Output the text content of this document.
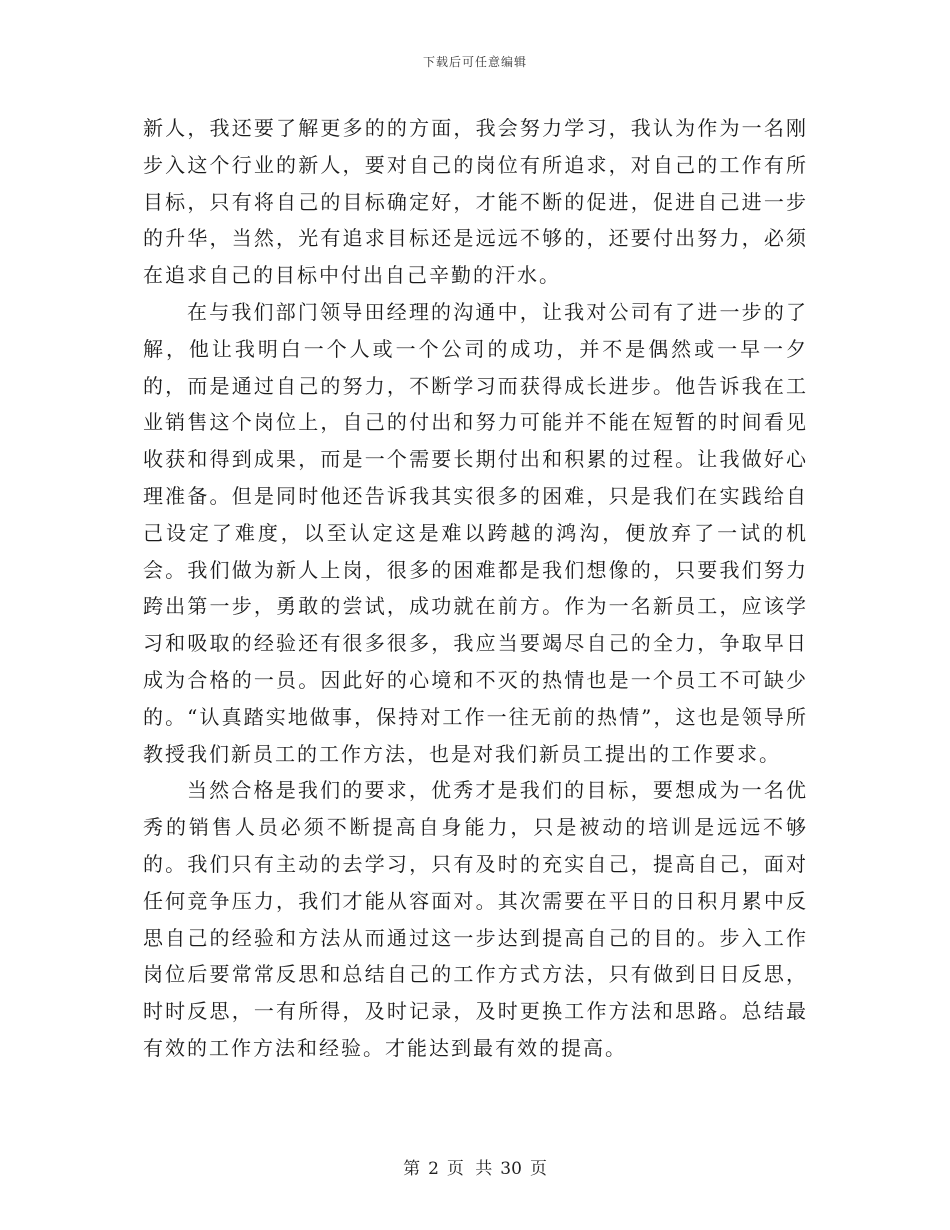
下载后可任意编辑

新人，我还要了解更多的的方面，我会努力学习，我认为作为一名刚步入这个行业的新人，要对自己的岗位有所追求，对自己的工作有所目标，只有将自己的目标确定好，才能不断的促进，促进自己进一步的升华，当然，光有追求目标还是远远不够的，还要付出努力，必须在追求自己的目标中付出自己辛勤的汗水。

在与我们部门领导田经理的沟通中，让我对公司有了进一步的了解，他让我明白一个人或一个公司的成功，并不是偶然或一早一夕的，而是通过自己的努力，不断学习而获得成长进步。他告诉我在工业销售这个岗位上，自己的付出和努力可能并不能在短暂的时间看见收获和得到成果，而是一个需要长期付出和积累的过程。让我做好心理准备。但是同时他还告诉我其实很多的困难，只是我们在实践给自己设定了难度，以至认定这是难以跨越的鸿沟，便放弃了一试的机会。我们做为新人上岗，很多的困难都是我们想像的，只要我们努力跨出第一步，勇敢的尝试，成功就在前方。作为一名新员工，应该学习和吸取的经验还有很多很多，我应当要竭尽自己的全力，争取早日成为合格的一员。因此好的心境和不灭的热情也是一个员工不可缺少的。“认真踏实地做事，保持对工作一往无前的热情”，这也是领导所教授我们新员工的工作方法，也是对我们新员工提出的工作要求。

当然合格是我们的要求，优秀才是我们的目标，要想成为一名优秀的销售人员必须不断提高自身能力，只是被动的培训是远远不够的。我们只有主动的去学习，只有及时的充实自己，提高自己，面对任何竞争压力，我们才能从容面对。其次需要在平日的日积月累中反思自己的经验和方法从而通过这一步达到提高自己的目的。步入工作岗位后要常常反思和总结自己的工作方式方法，只有做到日日反思，时时反思，一有所得，及时记录，及时更换工作方法和思路。总结最有效的工作方法和经验。才能达到最有效的提高。

第 2 页 共 30 页
